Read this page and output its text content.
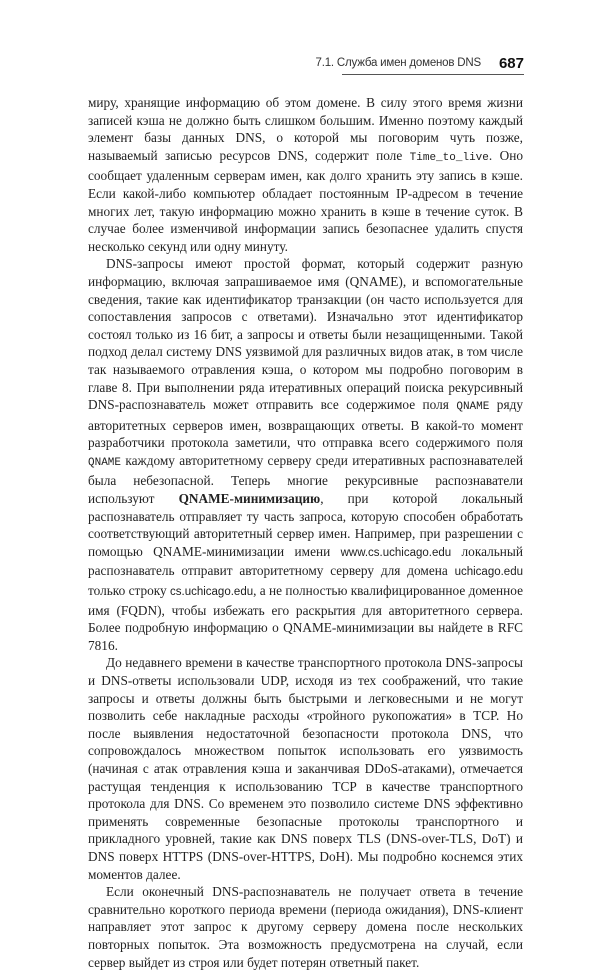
7.1. Служба имен доменов DNS 687

миру, хранящие информацию об этом домене. В силу этого время жизни записей кэша не должно быть слишком большим. Именно поэтому каждый элемент базы данных DNS, о которой мы поговорим чуть позже, называемый записью ресурсов DNS, содержит поле Time_to_live. Оно сообщает удаленным серверам имен, как долго хранить эту запись в кэше. Если какой-либо компьютер обладает постоянным IP-адресом в течение многих лет, такую информацию можно хранить в кэше в течение суток. В случае более изменчивой информации запись безопаснее удалить спустя несколько секунд или одну минуту.

DNS-запросы имеют простой формат, который содержит разную информацию, включая запрашиваемое имя (QNAME), и вспомогательные сведения, такие как идентификатор транзакции (он часто используется для сопоставления запросов с ответами). Изначально этот идентификатор состоял только из 16 бит, а запросы и ответы были незащищенными. Такой подход делал систему DNS уязвимой для различных видов атак, в том числе так называемого отравления кэша, о котором мы подробно поговорим в главе 8. При выполнении ряда итеративных операций поиска рекурсивный DNS-распознаватель может отправить все содержимое поля QNAME ряду авторитетных серверов имен, возвращающих ответы. В какой-то момент разработчики протокола заметили, что отправка всего содержимого поля QNAME каждому авторитетному серверу среди итеративных распознавателей была небезопасной. Теперь многие рекурсивные распознаватели используют QNAME-минимизацию, при которой локальный распознаватель отправляет ту часть запроса, которую способен обработать соответствующий авторитетный сервер имен. Например, при разрешении с помощью QNAME-минимизации имени www.cs.uchicago.edu локальный распознаватель отправит авторитетному серверу для домена uchicago.edu только строку cs.uchicago.edu, а не полностью квалифицированное доменное имя (FQDN), чтобы избежать его раскрытия для авторитетного сервера. Более подробную информацию о QNAME-минимизации вы найдете в RFC 7816.

До недавнего времени в качестве транспортного протокола DNS-запросы и DNS-ответы использовали UDP, исходя из тех соображений, что такие запросы и ответы должны быть быстрыми и легковесными и не могут позволить себе накладные расходы «тройного рукопожатия» в TCP. Но после выявления недостаточной безопасности протокола DNS, что сопровождалось множеством попыток использовать его уязвимость (начиная с атак отравления кэша и заканчивая DDoS-атаками), отмечается растущая тенденция к использованию TCP в качестве транспортного протокола для DNS. Со временем это позволило системе DNS эффективно применять современные безопасные протоколы транспортного и прикладного уровней, такие как DNS поверх TLS (DNS-over-TLS, DoT) и DNS поверх HTTPS (DNS-over-HTTPS, DoH). Мы подробно коснемся этих моментов далее.

Если оконечный DNS-распознаватель не получает ответа в течение сравнительно короткого периода времени (периода ожидания), DNS-клиент направляет этот запрос к другому серверу домена после нескольких повторных попыток. Эта возможность предусмотрена на случай, если сервер выйдет из строя или будет потерян ответный пакет.
